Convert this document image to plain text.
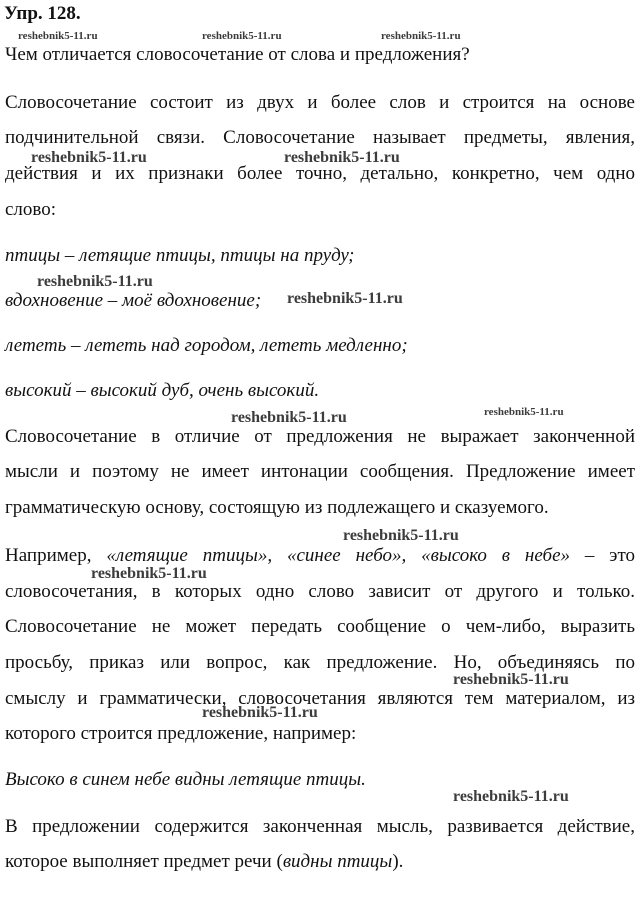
reshebnik5-11.ru	reshebnik5-11.ru	reshebnik5-11.ru
reshebnik5-11.ru	reshebnik5-11.ru
reshebnik5-11.ru
reshebnik5-11.ru
reshebnik5-11.ru	reshebnik5-11.ru
reshebnik5-11.ru
reshebnik5-11.ru
reshebnik5-11.ru
reshebnik5-11.ru
reshebnik5-11.ru
Упр. 128.
Чем отличается словосочетание от слова и предложения?
Словосочетание состоит из двух и более слов и строится на основе
подчинительной связи. Словосочетание называет предметы, явления,
действия и их признаки более точно, детально, конкретно, чем одно
слово:
птицы – летящие птицы, птицы на пруду;
вдохновение – моё вдохновение;
лететь – лететь над городом, лететь медленно;
высокий – высокий дуб, очень высокий.
Словосочетание в отличие от предложения не выражает законченной
мысли и поэтому не имеет интонации сообщения. Предложение имеет
грамматическую основу, состоящую из подлежащего и сказуемого.
Например, «летящие птицы», «синее небо», «высоко в небе» – это
словосочетания, в которых одно слово зависит от другого и только.
Словосочетание не может передать сообщение о чем-либо, выразить
просьбу, приказ или вопрос, как предложение. Но, объединяясь по
смыслу и грамматически, словосочетания являются тем материалом, из
которого строится предложение, например:
Высоко в синем небе видны летящие птицы.
В предложении содержится законченная мысль, развивается действие,
которое выполняет предмет речи (видны птицы).
